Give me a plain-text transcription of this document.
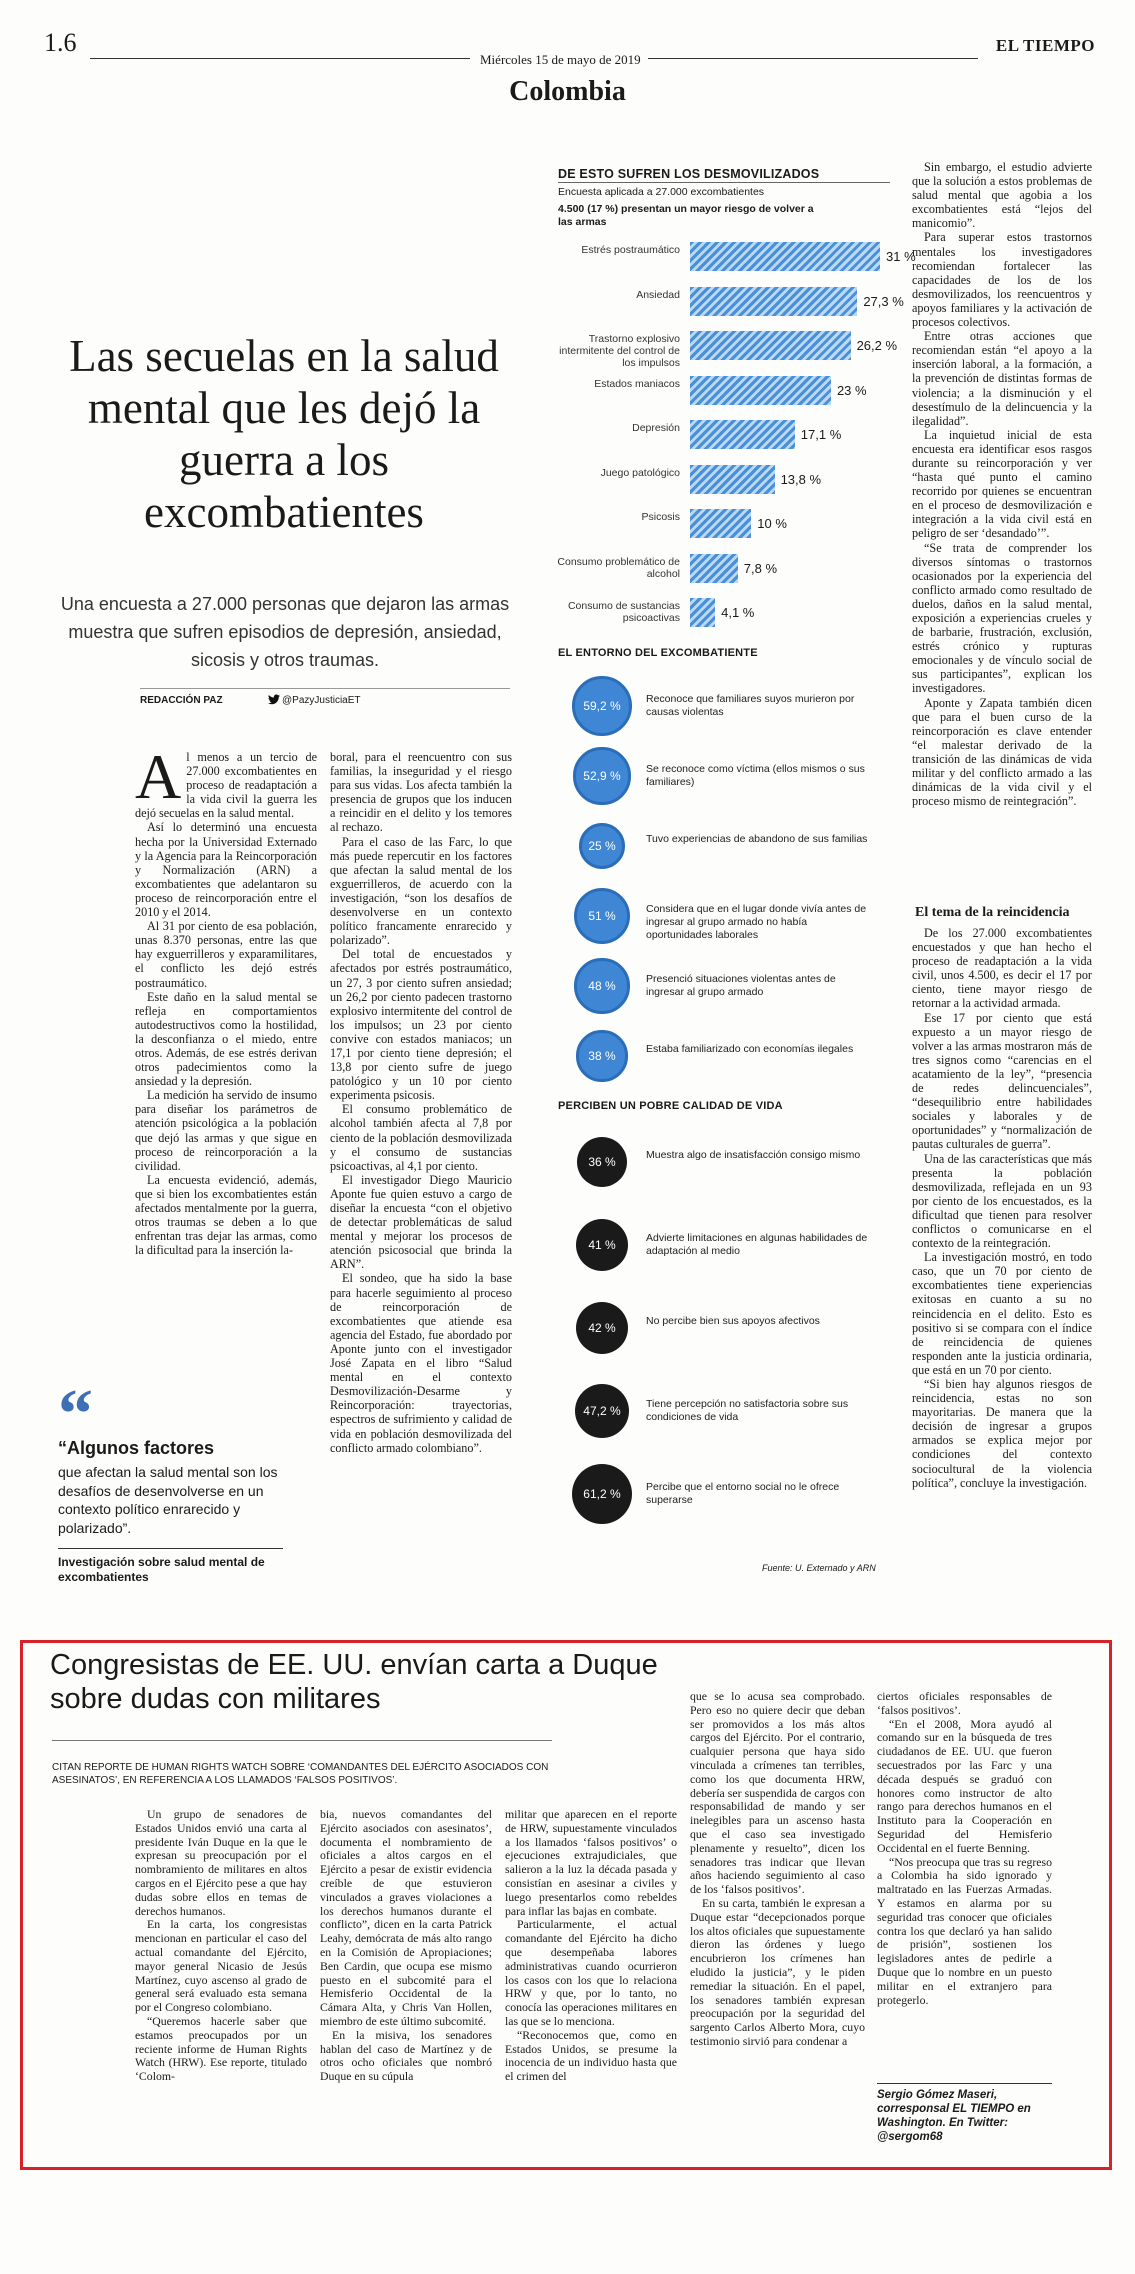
1.6
Miércoles 15 de mayo de 2019
EL TIEMPO
Colombia
Las secuelas en la salud mental que les dejó la guerra a los excombatientes
Una encuesta a 27.000 personas que dejaron las armas muestra que sufren episodios de depresión, ansiedad, sicosis y otros traumas.
REDACCIÓN PAZ	@PazyJusticiaET
A l menos a un tercio de 27.000 excombatientes en proceso de readaptación a la vida civil la guerra les dejó secuelas en la salud mental.

Así lo determinó una encuesta hecha por la Universidad Externado y la Agencia para la Reincorporación y Normalización (ARN) a excombatientes que adelantaron su proceso de reincorporación entre el 2010 y el 2014.

Al 31 por ciento de esa población, unas 8.370 personas, entre las que hay exguerrilleros y exparamilitares, el conflicto les dejó estrés postraumático.

Este daño en la salud mental se refleja en comportamientos autodestructivos como la hostilidad, la desconfianza o el miedo, entre otros. Además, de ese estrés derivan otros padecimientos como la ansiedad y la depresión.

La medición ha servido de insumo para diseñar los parámetros de atención psicológica a la población que dejó las armas y que sigue en proceso de reincorporación a la civilidad.

La encuesta evidenció, además, que si bien los excombatientes están afectados mentalmente por la guerra, otros traumas se deben a lo que enfrentan tras dejar las armas, como la dificultad para la inserción la-

boral, para el reencuentro con sus familias, la inseguridad y el riesgo para sus vidas. Los afecta también la presencia de grupos que los inducen a reincidir en el delito y los temores al rechazo.

Para el caso de las Farc, lo que más puede repercutir en los factores que afectan la salud mental de los exguerrilleros, de acuerdo con la investigación, “son los desafíos de desenvolverse en un contexto político francamente enrarecido y polarizado”.

Del total de encuestados y afectados por estrés postraumático, un 27, 3 por ciento sufren ansiedad; un 26,2 por ciento padecen trastorno explosivo intermitente del control de los impulsos; un 23 por ciento convive con estados maniacos; un 17,1 por ciento tiene depresión; el 13,8 por ciento sufre de juego patológico y un 10 por ciento experimenta psicosis.

El consumo problemático de alcohol también afecta al 7,8 por ciento de la población desmovilizada y el consumo de sustancias psicoactivas, al 4,1 por ciento.

El investigador Diego Mauricio Aponte fue quien estuvo a cargo de diseñar la encuesta “con el objetivo de detectar problemáticas de salud mental y mejorar los procesos de atención psicosocial que brinda la ARN”.

El sondeo, que ha sido la base para hacerle seguimiento al proceso de reincorporación de excombatientes que atiende esa agencia del Estado, fue abordado por Aponte junto con el investigador José Zapata en el libro “Salud mental en el contexto Desmovilización-Desarme y Reincorporación: trayectorias, espectros de sufrimiento y calidad de vida en población desmovilizada del conflicto armado colombiano”.

“
“Algunos factores
que afectan la salud mental son los desafíos de desenvolverse en un contexto político enrarecido y polarizado”.
Investigación sobre salud mental de excombatientes
DE ESTO SUFREN LOS DESMOVILIZADOS
Encuesta aplicada a 27.000 excombatientes
4.500 (17 %) presentan un mayor riesgo de volver a las armas
Estrés postraumático	31 %
Ansiedad	27,3 %
Trastorno explosivo intermitente del control de los impulsos
26,2 %
Estados maniacos	23 %
Depresión	17,1 %
Juego patológico	13,8 %
Psicosis	10 %
Consumo problemático de alcohol	7,8 %
Consumo de sustancias psicoactivas	4,1 %
EL ENTORNO DEL EXCOMBATIENTE
59,2 %	Reconoce que familiares suyos murieron por causas violentas
52,9 %	Se reconoce como víctima (ellos mismos o sus familiares)
25 %	Tuvo experiencias de abandono de sus familias
51 %	Considera que en el lugar donde vivía antes de ingresar al grupo armado no había oportunidades laborales
48 %	Presenció situaciones violentas antes de ingresar al grupo armado
38 %	Estaba familiarizado con economías ilegales
PERCIBEN UN POBRE CALIDAD DE VIDA
36 %	Muestra algo de insatisfacción consigo mismo
41 %	Advierte limitaciones en algunas habilidades de adaptación al medio
42 %	No percibe bien sus apoyos afectivos
47,2 %	Tiene percepción no satisfactoria sobre sus condiciones de vida
61,2 %	Percibe que el entorno social no le ofrece superarse
Fuente: U. Externado y ARN

Sin embargo, el estudio advierte que la solución a estos problemas de salud mental que agobia a los excombatientes está “lejos del manicomio”.

Para superar estos trastornos mentales los investigadores recomiendan fortalecer las capacidades de los de los desmovilizados, los reencuentros y apoyos familiares y la activación de procesos colectivos.

Entre otras acciones que recomiendan están “el apoyo a la inserción laboral, a la formación, a la prevención de distintas formas de violencia; a la disminución y el desestímulo de la delincuencia y la ilegalidad”.

La inquietud inicial de esta encuesta era identificar esos rasgos durante su reincorporación y ver “hasta qué punto el camino recorrido por quienes se encuentran en el proceso de desmovilización e integración a la vida civil está en peligro de ser ‘desandado’”.

“Se trata de comprender los diversos síntomas o trastornos ocasionados por la experiencia del conflicto armado como resultado de duelos, daños en la salud mental, exposición a experiencias crueles y de barbarie, frustración, exclusión, estrés crónico y rupturas emocionales y de vínculo social de sus participantes”, explican los investigadores.

Aponte y Zapata también dicen que para el buen curso de la reincorporación es clave entender “el malestar derivado de la transición de las dinámicas de vida militar y del conflicto armado a las dinámicas de la vida civil y el proceso mismo de reintegración”.

El tema de la reincidencia

De los 27.000 excombatientes encuestados y que han hecho el proceso de readaptación a la vida civil, unos 4.500, es decir el 17 por ciento, tiene mayor riesgo de retornar a la actividad armada.

Ese 17 por ciento que está expuesto a un mayor riesgo de volver a las armas mostraron más de tres signos como “carencias en el acatamiento de la ley”, “presencia de redes delincuenciales”, “desequilibrio entre habilidades sociales y laborales y de oportunidades” y “normalización de pautas culturales de guerra”.

Una de las características que más presenta la población desmovilizada, reflejada en un 93 por ciento de los encuestados, es la dificultad que tienen para resolver conflictos o comunicarse en el contexto de la reintegración.

La investigación mostró, en todo caso, que un 70 por ciento de excombatientes tiene experiencias exitosas en cuanto a su no reincidencia en el delito. Esto es positivo si se compara con el índice de reincidencia de quienes responden ante la justicia ordinaria, que está en un 70 por ciento.

“Si bien hay algunos riesgos de reincidencia, estas no son mayoritarias. De manera que la decisión de ingresar a grupos armados se explica mejor por condiciones del contexto sociocultural de la violencia política”, concluye la investigación.

Congresistas de EE. UU. envían carta a Duque sobre dudas con militares
CITAN REPORTE DE HUMAN RIGHTS WATCH SOBRE ‘COMANDANTES DEL EJÉRCITO ASOCIADOS CON ASESINATOS’, EN REFERENCIA A LOS LLAMADOS ‘FALSOS POSITIVOS’.

Un grupo de senadores de Estados Unidos envió una carta al presidente Iván Duque en la que le expresan su preocupación por el nombramiento de militares en altos cargos en el Ejército pese a que hay dudas sobre ellos en temas de derechos humanos.

En la carta, los congresistas mencionan en particular el caso del actual comandante del Ejército, mayor general Nicasio de Jesús Martínez, cuyo ascenso al grado de general será evaluado esta semana por el Congreso colombiano.

“Queremos hacerle saber que estamos preocupados por un reciente informe de Human Rights Watch (HRW). Ese reporte, titulado ‘Colom-

bia, nuevos comandantes del Ejército asociados con asesinatos’, documenta el nombramiento de oficiales a altos cargos en el Ejército a pesar de existir evidencia creíble de que estuvieron vinculados a graves violaciones a los derechos humanos durante el conflicto”, dicen en la carta Patrick Leahy, demócrata de más alto rango en la Comisión de Apropiaciones; Ben Cardin, que ocupa ese mismo puesto en el subcomité para el Hemisferio Occidental de la Cámara Alta, y Chris Van Hollen, miembro de este último subcomité.

En la misiva, los senadores hablan del caso de Martínez y de otros ocho oficiales que nombró Duque en su cúpula

militar que aparecen en el reporte de HRW, supuestamente vinculados a los llamados ‘falsos positivos’ o ejecuciones extrajudiciales, que salieron a la luz la década pasada y consistían en asesinar a civiles y luego presentarlos como rebeldes para inflar las bajas en combate.

Particularmente, el actual comandante del Ejército ha dicho que desempeñaba labores administrativas cuando ocurrieron los casos con los que lo relaciona HRW y que, por lo tanto, no conocía las operaciones militares en las que se lo menciona.

“Reconocemos que, como en Estados Unidos, se presume la inocencia de un individuo hasta que el crimen del

que se lo acusa sea comprobado. Pero eso no quiere decir que deban ser promovidos a los más altos cargos del Ejército. Por el contrario, cualquier persona que haya sido vinculada a crímenes tan terribles, como los que documenta HRW, debería ser suspendida de cargos con responsabilidad de mando y ser inelegibles para un ascenso hasta que el caso sea investigado plenamente y resuelto”, dicen los senadores tras indicar que llevan años haciendo seguimiento al caso de los ‘falsos positivos’.

En su carta, también le expresan a Duque estar “decepcionados porque los altos oficiales que supuestamente dieron las órdenes y luego encubrieron los crímenes han eludido la justicia”, y le piden remediar la situación. En el papel, los senadores también expresan preocupación por la seguridad del sargento Carlos Alberto Mora, cuyo testimonio sirvió para condenar a

ciertos oficiales responsables de ‘falsos positivos’.

“En el 2008, Mora ayudó al comando sur en la búsqueda de tres ciudadanos de EE. UU. que fueron secuestrados por las Farc y una década después se graduó con honores como instructor de alto rango para derechos humanos en el Instituto para la Cooperación en Seguridad del Hemisferio Occidental en el fuerte Benning.

“Nos preocupa que tras su regreso a Colombia ha sido ignorado y maltratado en las Fuerzas Armadas. Y estamos en alarma por su seguridad tras conocer que oficiales contra los que declaró ya han salido de prisión”, sostienen los legisladores antes de pedirle a Duque que lo nombre en un puesto militar en el extranjero para protegerlo.

Sergio Gómez Maseri, corresponsal EL TIEMPO en Washington. En Twitter: @sergom68
